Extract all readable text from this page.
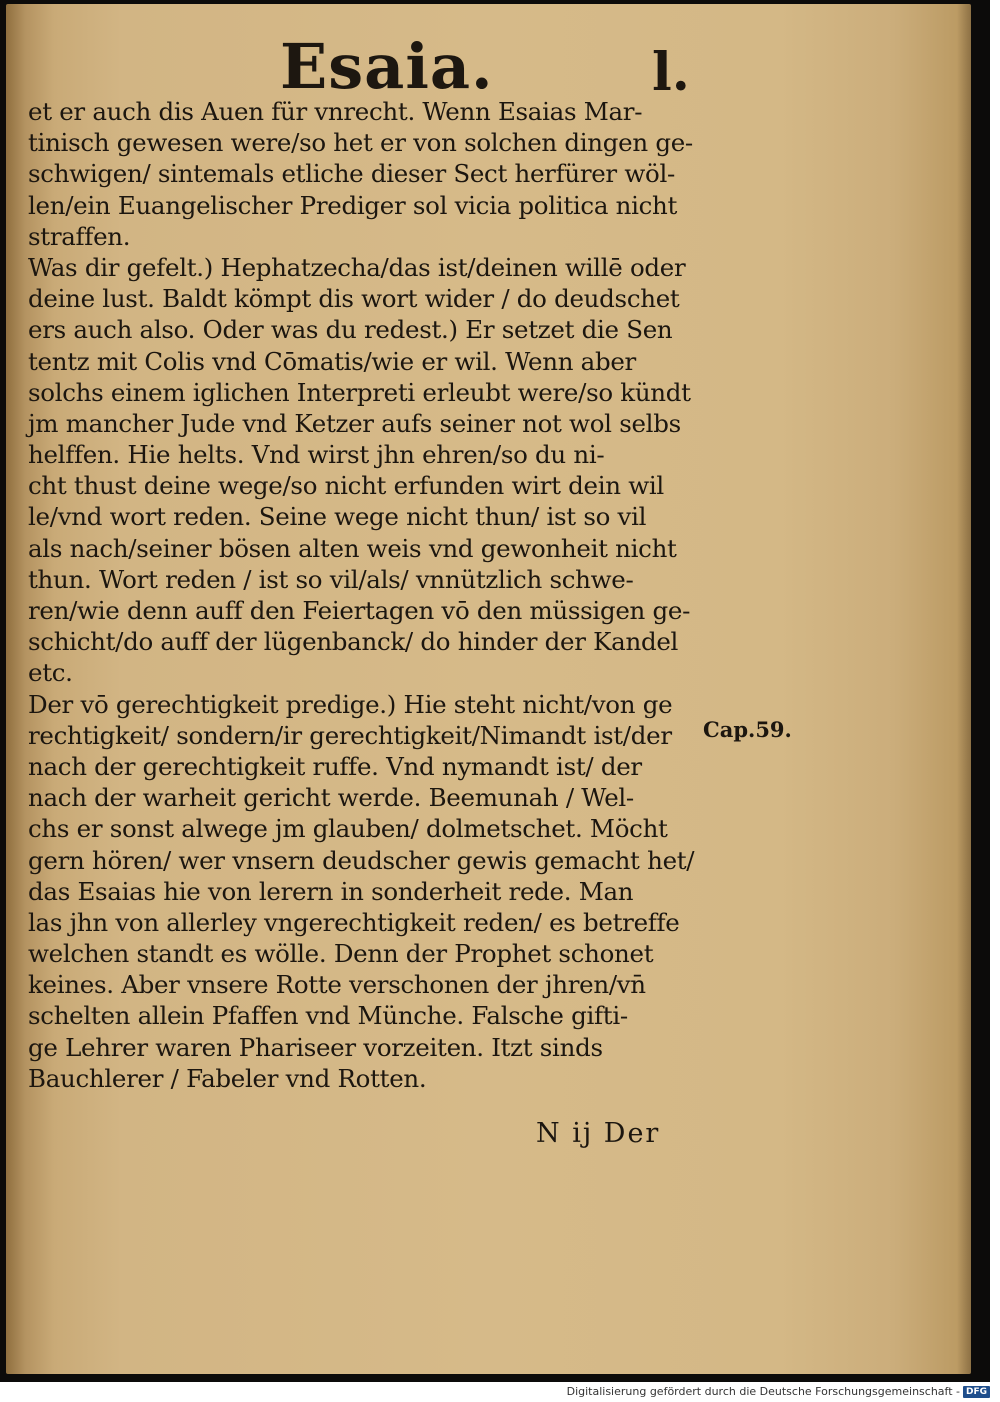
Esaia.	l.
et er auch dis Auen für vnrecht. Wenn Esaias Mar-
tinisch gewesen were/so het er von solchen dingen ge-
schwigen/ sintemals etliche dieser Sect herfürer wöl-
len/ein Euangelischer Prediger sol vicia politica nicht
straffen.
Was dir gefelt.) Hephatzecha/das ist/deinen willē oder
deine lust. Baldt kömpt dis wort wider / do deudschet
ers auch also. Oder was du redest.) Er setzet die Sen
tentz mit Colis vnd Cōmatis/wie er wil. Wenn aber
solchs einem iglichen Interpreti erleubt were/so kündt
jm mancher Jude vnd Ketzer aufs seiner not wol selbs
helffen. Hie helts. Vnd wirst jhn ehren/so du ni-
cht thust deine wege/so nicht erfunden wirt dein wil
le/vnd wort reden. Seine wege nicht thun/ ist so vil
als nach/seiner bösen alten weis vnd gewonheit nicht
thun. Wort reden / ist so vil/als/ vnnützlich schwe-
ren/wie denn auff den Feiertagen vō den müssigen ge-
schicht/do auff der lügenbanck/ do hinder der Kandel
etc.
Der vō gerechtigkeit predige.) Hie steht nicht/von ge
rechtigkeit/ sondern/ir gerechtigkeit/Nimandt ist/der
nach der gerechtigkeit ruffe. Vnd nymandt ist/ der
nach der warheit gericht werde. Beemunah / Wel-
chs er sonst alwege jm glauben/ dolmetschet. Möcht
gern hören/ wer vnsern deudscher gewis gemacht het/
das Esaias hie von lerern in sonderheit rede. Man
las jhn von allerley vngerechtigkeit reden/ es betreffe
welchen standt es wölle. Denn der Prophet schonet
keines. Aber vnsere Rotte verschonen der jhren/vn̄
schelten allein Pfaffen vnd Münche. Falsche gifti-
ge Lehrer waren Phariseer vorzeiten. Itzt sinds
Bauchlerer / Fabeler vnd Rotten.
Cap.59.
N ij Der
Digitalisierung gefördert durch die Deutsche Forschungsgemeinschaft - DFG
